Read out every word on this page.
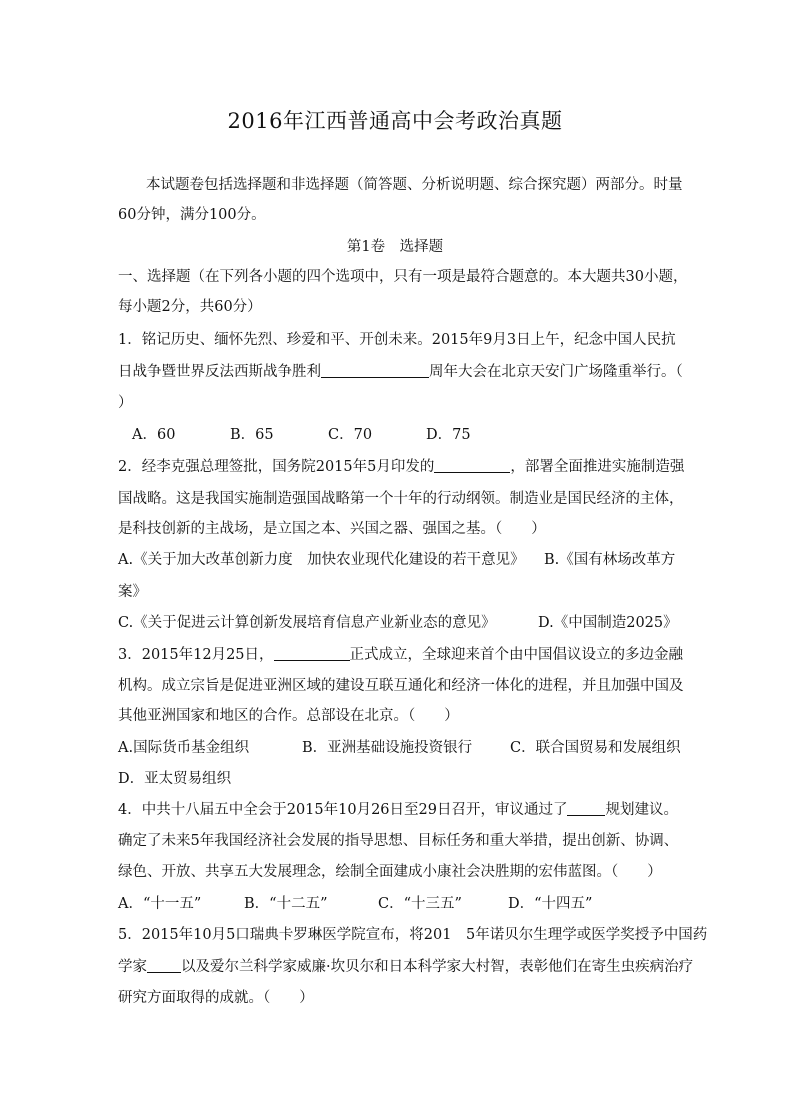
2016年江西普通高中会考政治真题
本试题卷包括选择题和非选择题（简答题、分析说明题、综合探究题）两部分。时量
60分钟，满分100分。
第1卷　选择题
一、选择题（在下列各小题的四个选项中，只有一项是最符合题意的。本大题共30小题，
每小题2分，共60分）
1．铭记历史、缅怀先烈、珍爱和平、开创未来。2015年9月3日上午，纪念中国人民抗
日战争暨世界反法西斯战争胜利	周年大会在北京天安门广场隆重举行。（
）
A．60	B．65	C．70	D．75
2．经李克强总理签批，国务院2015年5月印发的	，部署全面推进实施制造强
国战略。这是我国实施制造强国战略第一个十年的行动纲领。制造业是国民经济的主体，
是科技创新的主战场，是立国之本、兴国之器、强国之基。（　　）
A.《关于加大改革创新力度　加快农业现代化建设的若干意见》 B.《国有林场改革方
案》
C.《关于促进云计算创新发展培育信息产业新业态的意见》	D.《中国制造2025》
3．2015年12月25日，	正式成立，全球迎来首个由中国倡议设立的多边金融
机构。成立宗旨是促进亚洲区域的建设互联互通化和经济一体化的进程，并且加强中国及
其他亚洲国家和地区的合作。总部设在北京。（　　）
A.国际货币基金组织	B．亚洲基础设施投资银行	C．联合国贸易和发展组织
D．亚太贸易组织
4．中共十八届五中全会于2015年10月26日至29日召开，审议通过了	规划建议。
确定了未来5年我国经济社会发展的指导思想、目标任务和重大举措，提出创新、协调、
绿色、开放、共享五大发展理念，绘制全面建成小康社会决胜期的宏伟蓝图。（　　）
A．“十一五”	B．“十二五”	C．“十三五”	D．“十四五”
5．2015年10月5口瑞典卡罗琳医学院宣布，将201　5年诺贝尔生理学或医学奖授予中国药
学家 以及爱尔兰科学家威廉·坎贝尔和日本科学家大村智，表彰他们在寄生虫疾病治疗
研究方面取得的成就。（　　）
